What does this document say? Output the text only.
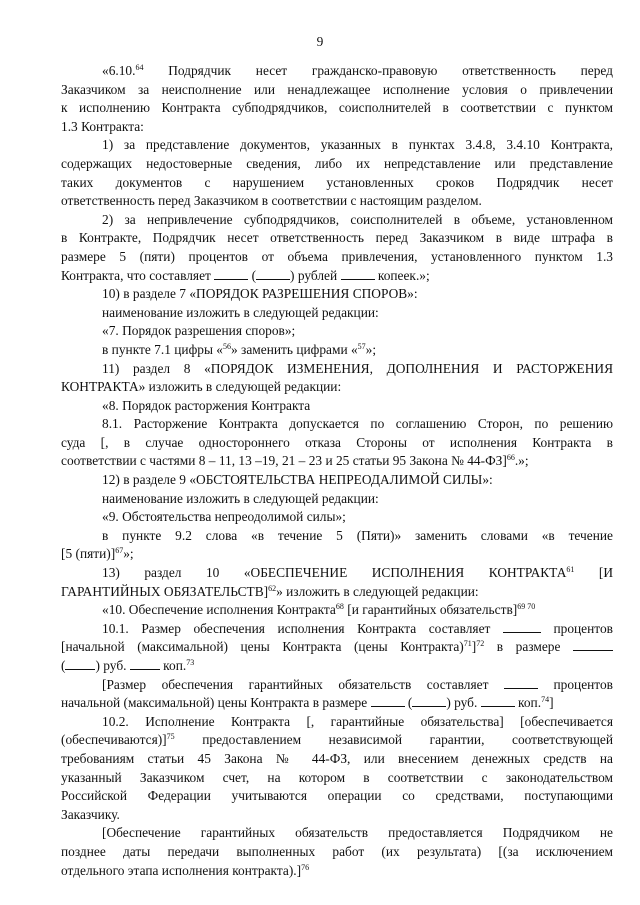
9
«6.10.64 Подрядчик несет гражданско-правовую ответственность перед
Заказчиком за неисполнение или ненадлежащее исполнение условия о привлечении
к исполнению Контракта субподрядчиков, соисполнителей в соответствии с пунктом
1.3 Контракта:
1) за представление документов, указанных в пунктах 3.4.8, 3.4.10 Контракта,
содержащих недостоверные сведения, либо их непредставление или представление
таких документов с нарушением установленных сроков Подрядчик несет
ответственность перед Заказчиком в соответствии с настоящим разделом.
2) за непривлечение субподрядчиков, соисполнителей в объеме, установленном
в Контракте, Подрядчик несет ответственность перед Заказчиком в виде штрафа в
размере 5 (пяти) процентов от объема привлечения, установленного пунктом 1.3
Контракта, что составляет	(	) рублей	копеек.»;
10) в разделе 7 «ПОРЯДОК РАЗРЕШЕНИЯ СПОРОВ»:
наименование изложить в следующей редакции:
«7. Порядок разрешения споров»;
в пункте 7.1 цифры «$^{56}$» заменить цифрами «$^{57}$»;
11) раздел 8 «ПОРЯДОК ИЗМЕНЕНИЯ, ДОПОЛНЕНИЯ И РАСТОРЖЕНИЯ
КОНТРАКТА» изложить в следующей редакции:
«8. Порядок расторжения Контракта
8.1. Расторжение Контракта допускается по соглашению Сторон, по решению
суда [, в случае одностороннего отказа Стороны от исполнения Контракта в
соответствии с частями 8 – 11, 13 –19, 21 – 23 и 25 статьи 95 Закона № 44-ФЗ]$^{66}$.»;
12) в разделе 9 «ОБСТОЯТЕЛЬСТВА НЕПРЕОДАЛИМОЙ СИЛЫ»:
наименование изложить в следующей редакции:
«9. Обстоятельства непреодолимой силы»;
в пункте 9.2 слова «в течение 5 (Пяти)» заменить словами «в течение
[5 (пяти)]$^{67}$»;
13) раздел 10 «ОБЕСПЕЧЕНИЕ ИСПОЛНЕНИЯ КОНТРАКТА$^{61}$ [И
ГАРАНТИЙНЫХ ОБЯЗАТЕЛЬСТВ]$^{62}$» изложить в следующей редакции:
«10. Обеспечение исполнения Контракта$^{68}$ [и гарантийных обязательств]$^{69 70}$
10.1. Размер обеспечения исполнения Контракта составляет	процентов
[начальной (максимальной) цены Контракта (цены Контракта)$^{71}$]$^{72}$ в размере
( ) руб.  коп.$^{73}$
[Размер обеспечения гарантийных обязательств составляет	процентов
начальной (максимальной) цены Контракта в размере	(	) руб.	коп.$^{74}$]
10.2. Исполнение Контракта [, гарантийные обязательства] [обеспечивается
(обеспечиваются)]$^{75}$ предоставлением независимой гарантии, соответствующей
требованиям статьи 45 Закона № 44-ФЗ, или внесением денежных средств на
указанный Заказчиком счет, на котором в соответствии с законодательством
Российской Федерации учитываются операции со средствами, поступающими
Заказчику.
[Обеспечение гарантийных обязательств предоставляется Подрядчиком не
позднее даты передачи выполненных работ (их результата) [(за исключением
отдельного этапа исполнения контракта).]$^{76}$
